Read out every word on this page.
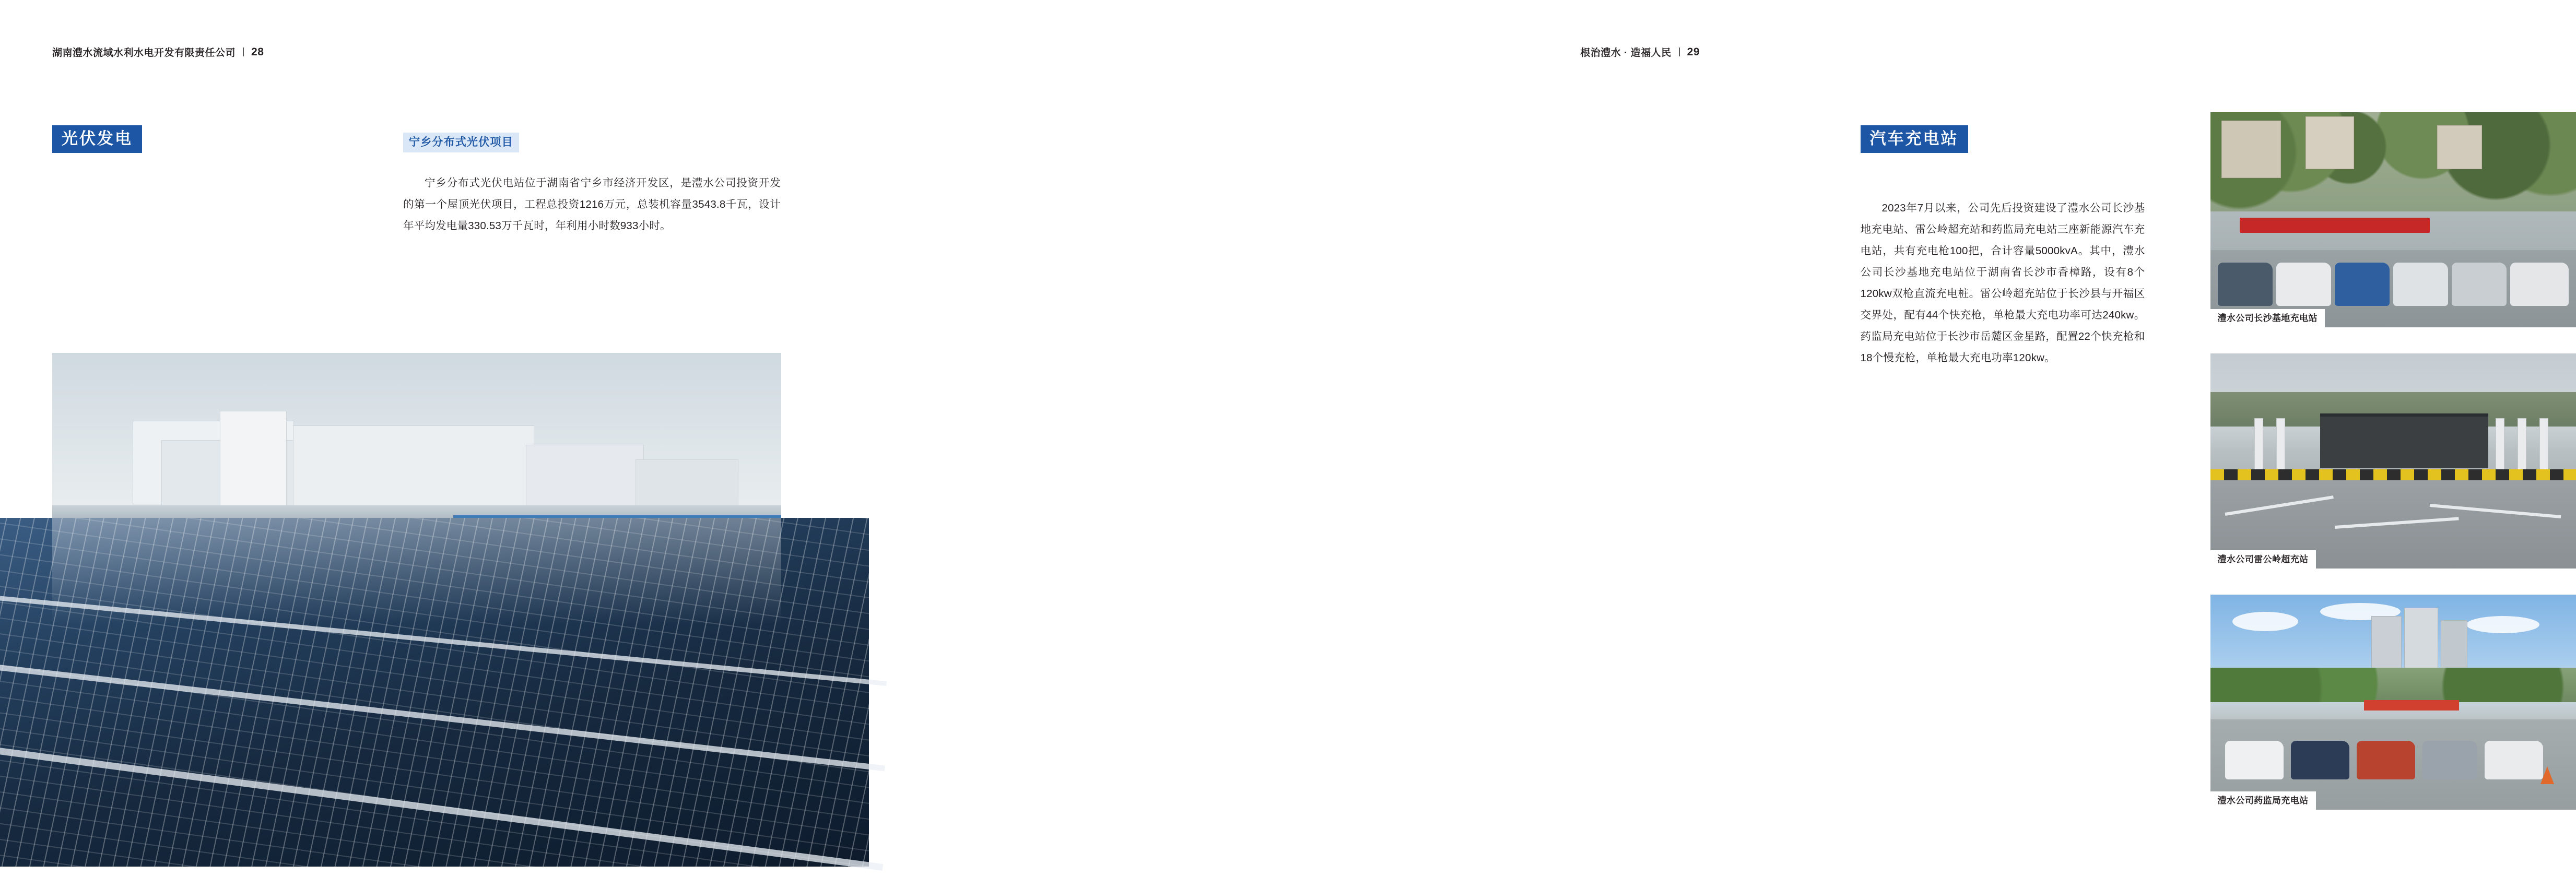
湖南澧水流域水利水电开发有限责任公司 28
光伏发电	宁乡分布式光伏项目

宁乡分布式光伏电站位于湖南省宁乡市经济开发区，是澧水公司投资开发的第一个屋顶光伏项目，工程总投资1216万元，总装机容量3543.8千瓦，设计年平均发电量330.53万千瓦时，年利用小时数933小时。

根治澧水 · 造福人民 29
汽车充电站

2023年7月以来，公司先后投资建设了澧水公司长沙基地充电站、雷公岭超充站和药监局充电站三座新能源汽车充电站，共有充电枪100把，合计容量5000kvA。其中，澧水公司长沙基地充电站位于湖南省长沙市香樟路，设有8个120kw双枪直流充电桩。雷公岭超充站位于长沙县与开福区交界处，配有44个快充枪，单枪最大充电功率可达240kw。药监局充电站位于长沙市岳麓区金星路，配置22个快充枪和18个慢充枪，单枪最大充电功率120kw。

澧水公司长沙基地充电站
澧水公司雷公岭超充站
澧水公司药监局充电站
